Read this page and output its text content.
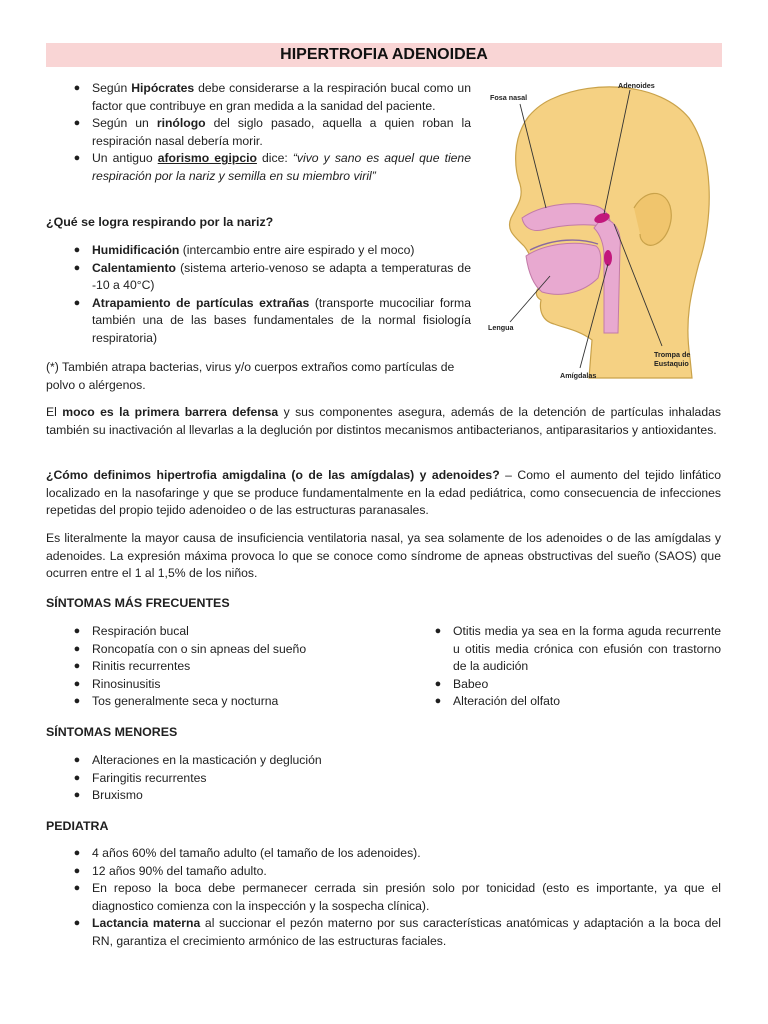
HIPERTROFIA ADENOIDEA
● Según Hipócrates debe considerarse a la respiración bucal como un factor que contribuye en gran medida a la sanidad del paciente.
● Según un rinólogo del siglo pasado, aquella a quien roban la respiración nasal debería morir.
● Un antiguo aforismo egipcio dice: “vivo y sano es aquel que tiene respiración por la nariz y semilla en su miembro viril”
¿Qué se logra respirando por la nariz?
● Humidificación (intercambio entre aire espirado y el moco)
● Calentamiento (sistema arterio-venoso se adapta a temperaturas de -10 a 40°C)
● Atrapamiento de partículas extrañas (transporte mucociliar forma también una de las bases fundamentales de la normal fisiología respiratoria)
(*) También atrapa bacterias, virus y/o cuerpos extraños como partículas de polvo o alérgenos.
El moco es la primera barrera defensa y sus componentes asegura, además de la detención de partículas inhaladas también su inactivación al llevarlas a la deglución por distintos mecanismos antibacterianos, antiparasitarios y antioxidantes.
¿Cómo definimos hipertrofia amigdalina (o de las amígdalas) y adenoides? – Como el aumento del tejido linfático localizado en la nasofaringe y que se produce fundamentalmente en la edad pediátrica, como consecuencia de infecciones repetidas del propio tejido adenoideo o de las estructuras paranasales.
Es literalmente la mayor causa de insuficiencia ventilatoria nasal, ya sea solamente de los adenoides o de las amígdalas y adenoides. La expresión máxima provoca lo que se conoce como síndrome de apneas obstructivas del sueño (SAOS) que ocurren entre el 1 al 1,5% de los niños.
SÍNTOMAS MÁS FRECUENTES
● Respiración bucal
● Roncopatía con o sin apneas del sueño
● Rinitis recurrentes
● Rinosinusitis
● Tos generalmente seca y nocturna
● Otitis media ya sea en la forma aguda recurrente u otitis media crónica con efusión con trastorno de la audición
● Babeo
● Alteración del olfato
SÍNTOMAS MENORES
● Alteraciones en la masticación y deglución
● Faringitis recurrentes
● Bruxismo
PEDIATRA
● 4 años 60% del tamaño adulto (el tamaño de los adenoides).
● 12 años 90% del tamaño adulto.
● En reposo la boca debe permanecer cerrada sin presión solo por tonicidad (esto es importante, ya que el diagnostico comienza con la inspección y la sospecha clínica).
● Lactancia materna al succionar el pezón materno por sus características anatómicas y adaptación a la boca del RN, garantiza el crecimiento armónico de las estructuras faciales.
Fosa nasal
Adenoides
Lengua
Trompa de
Eustaquio
Amígdalas
